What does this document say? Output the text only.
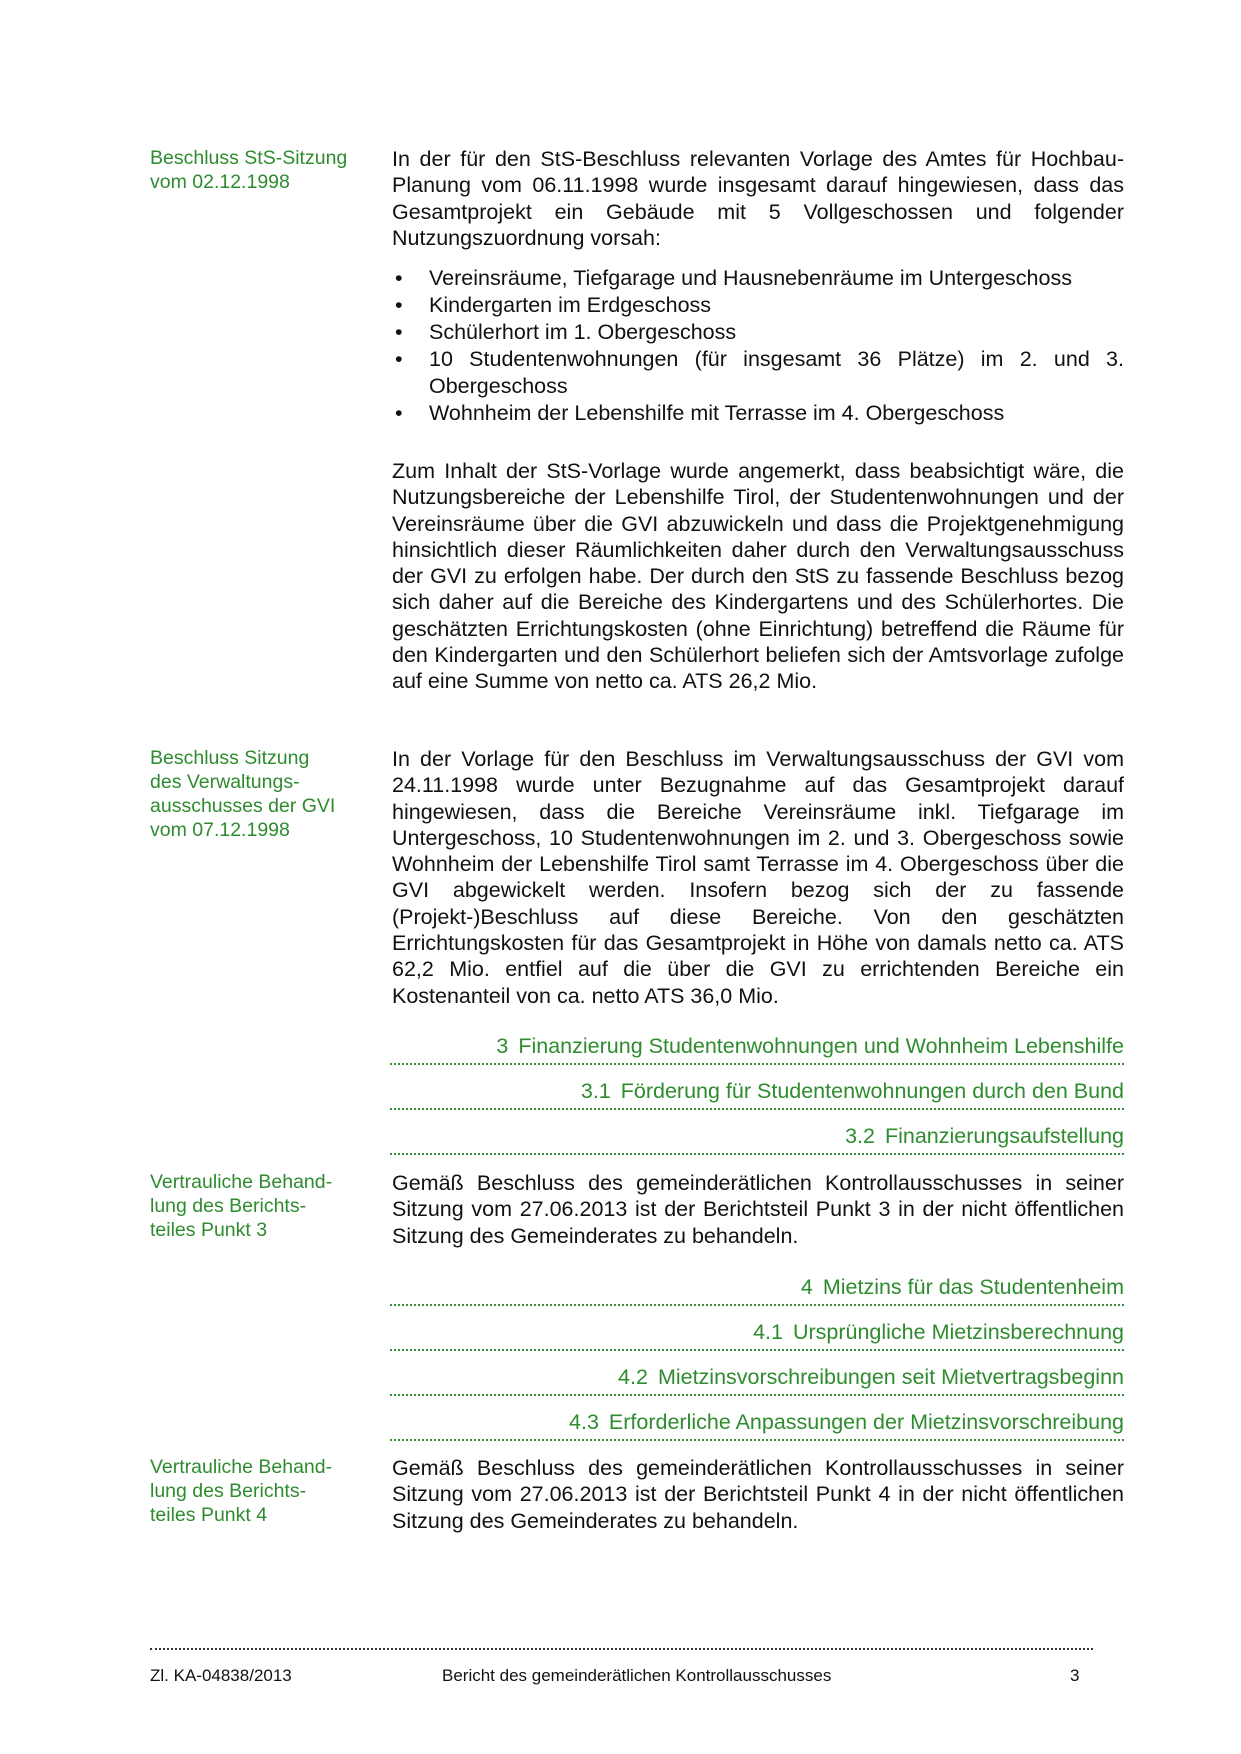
Beschluss StS-Sitzung
vom 02.12.1998

In der für den StS-Beschluss relevanten Vorlage des Amtes für Hochbau-Planung vom 06.11.1998 wurde insgesamt darauf hingewiesen, dass das Gesamtprojekt ein Gebäude mit 5 Vollgeschossen und folgender Nutzungszuordnung vorsah:

• Vereinsräume, Tiefgarage und Hausnebenräume im Untergeschoss
• Kindergarten im Erdgeschoss
• Schülerhort im 1. Obergeschoss
• 10 Studentenwohnungen (für insgesamt 36 Plätze) im 2. und 3. Obergeschoss
• Wohnheim der Lebenshilfe mit Terrasse im 4. Obergeschoss

Zum Inhalt der StS-Vorlage wurde angemerkt, dass beabsichtigt wäre, die Nutzungsbereiche der Lebenshilfe Tirol, der Studentenwohnungen und der Vereinsräume über die GVI abzuwickeln und dass die Projektgenehmigung hinsichtlich dieser Räumlichkeiten daher durch den Verwaltungsausschuss der GVI zu erfolgen habe. Der durch den StS zu fassende Beschluss bezog sich daher auf die Bereiche des Kindergartens und des Schülerhortes. Die geschätzten Errichtungskosten (ohne Einrichtung) betreffend die Räume für den Kindergarten und den Schülerhort beliefen sich der Amtsvorlage zufolge auf eine Summe von netto ca. ATS 26,2 Mio.

Beschluss Sitzung
des Verwaltungs-
ausschusses der GVI
vom 07.12.1998

In der Vorlage für den Beschluss im Verwaltungsausschuss der GVI vom 24.11.1998 wurde unter Bezugnahme auf das Gesamtprojekt darauf hingewiesen, dass die Bereiche Vereinsräume inkl. Tiefgarage im Untergeschoss, 10 Studentenwohnungen im 2. und 3. Obergeschoss sowie Wohnheim der Lebenshilfe Tirol samt Terrasse im 4. Obergeschoss über die GVI abgewickelt werden. Insofern bezog sich der zu fassende (Projekt-)Beschluss auf diese Bereiche. Von den geschätzten Errichtungskosten für das Gesamtprojekt in Höhe von damals netto ca. ATS 62,2 Mio. entfiel auf die über die GVI zu errichtenden Bereiche ein Kostenanteil von ca. netto ATS 36,0 Mio.

3 Finanzierung Studentenwohnungen und Wohnheim Lebenshilfe
3.1 Förderung für Studentenwohnungen durch den Bund
3.2 Finanzierungsaufstellung
Vertrauliche Behand-
lung des Berichts-
teiles Punkt 3

Gemäß Beschluss des gemeinderätlichen Kontrollausschusses in seiner Sitzung vom 27.06.2013 ist der Berichtsteil Punkt 3 in der nicht öffentlichen Sitzung des Gemeinderates zu behandeln.

4 Mietzins für das Studentenheim
4.1 Ursprüngliche Mietzinsberechnung
4.2 Mietzinsvorschreibungen seit Mietvertragsbeginn
4.3 Erforderliche Anpassungen der Mietzinsvorschreibung
Vertrauliche Behand-
lung des Berichts-
teiles Punkt 4

Gemäß Beschluss des gemeinderätlichen Kontrollausschusses in seiner Sitzung vom 27.06.2013 ist der Berichtsteil Punkt 4 in der nicht öffentlichen Sitzung des Gemeinderates zu behandeln.

Zl. KA-04838/2013	Bericht des gemeinderätlichen Kontrollausschusses	3
